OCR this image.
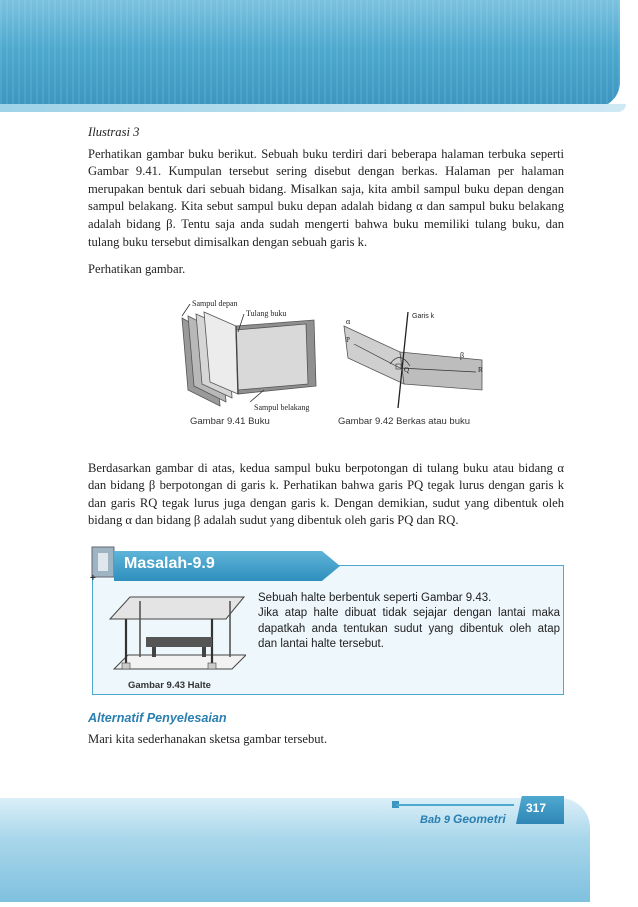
Ilustrasi 3

Perhatikan gambar buku berikut. Sebuah buku terdiri dari beberapa halaman terbuka seperti Gambar 9.41. Kumpulan tersebut sering disebut dengan berkas. Halaman per halaman merupakan bentuk dari sebuah bidang. Misalkan saja, kita ambil sampul buku depan dengan sampul belakang. Kita sebut sampul buku depan adalah bidang α dan sampul buku belakang adalah bidang β. Tentu saja anda sudah mengerti bahwa buku memiliki tulang buku, dan tulang buku tersebut dimisalkan dengan sebuah garis k.

Perhatikan gambar.

Sampul depan
Tulang buku
Sampul belakang
Garis k
α
β
P
Q	R
Gambar 9.41 Buku	Gambar 9.42 Berkas atau buku

Berdasarkan gambar di atas, kedua sampul buku berpotongan di tulang buku atau bidang α dan bidang β berpotongan di garis k. Perhatikan bahwa garis PQ tegak lurus dengan garis k dan garis RQ tegak lurus juga dengan garis k. Dengan demikian, sudut yang dibentuk oleh bidang α dan bidang β adalah sudut yang dibentuk oleh garis PQ dan RQ.

+
Masalah-9.9
Gambar 9.43 Halte
Sebuah halte berbentuk seperti Gambar 9.43.
Jika atap halte dibuat tidak sejajar dengan lantai maka dapatkah anda tentukan sudut yang dibentuk oleh atap dan lantai halte tersebut.
Alternatif Penyelesaian
Mari kita sederhanakan sketsa gambar tersebut.
Bab 9 Geometri
317
